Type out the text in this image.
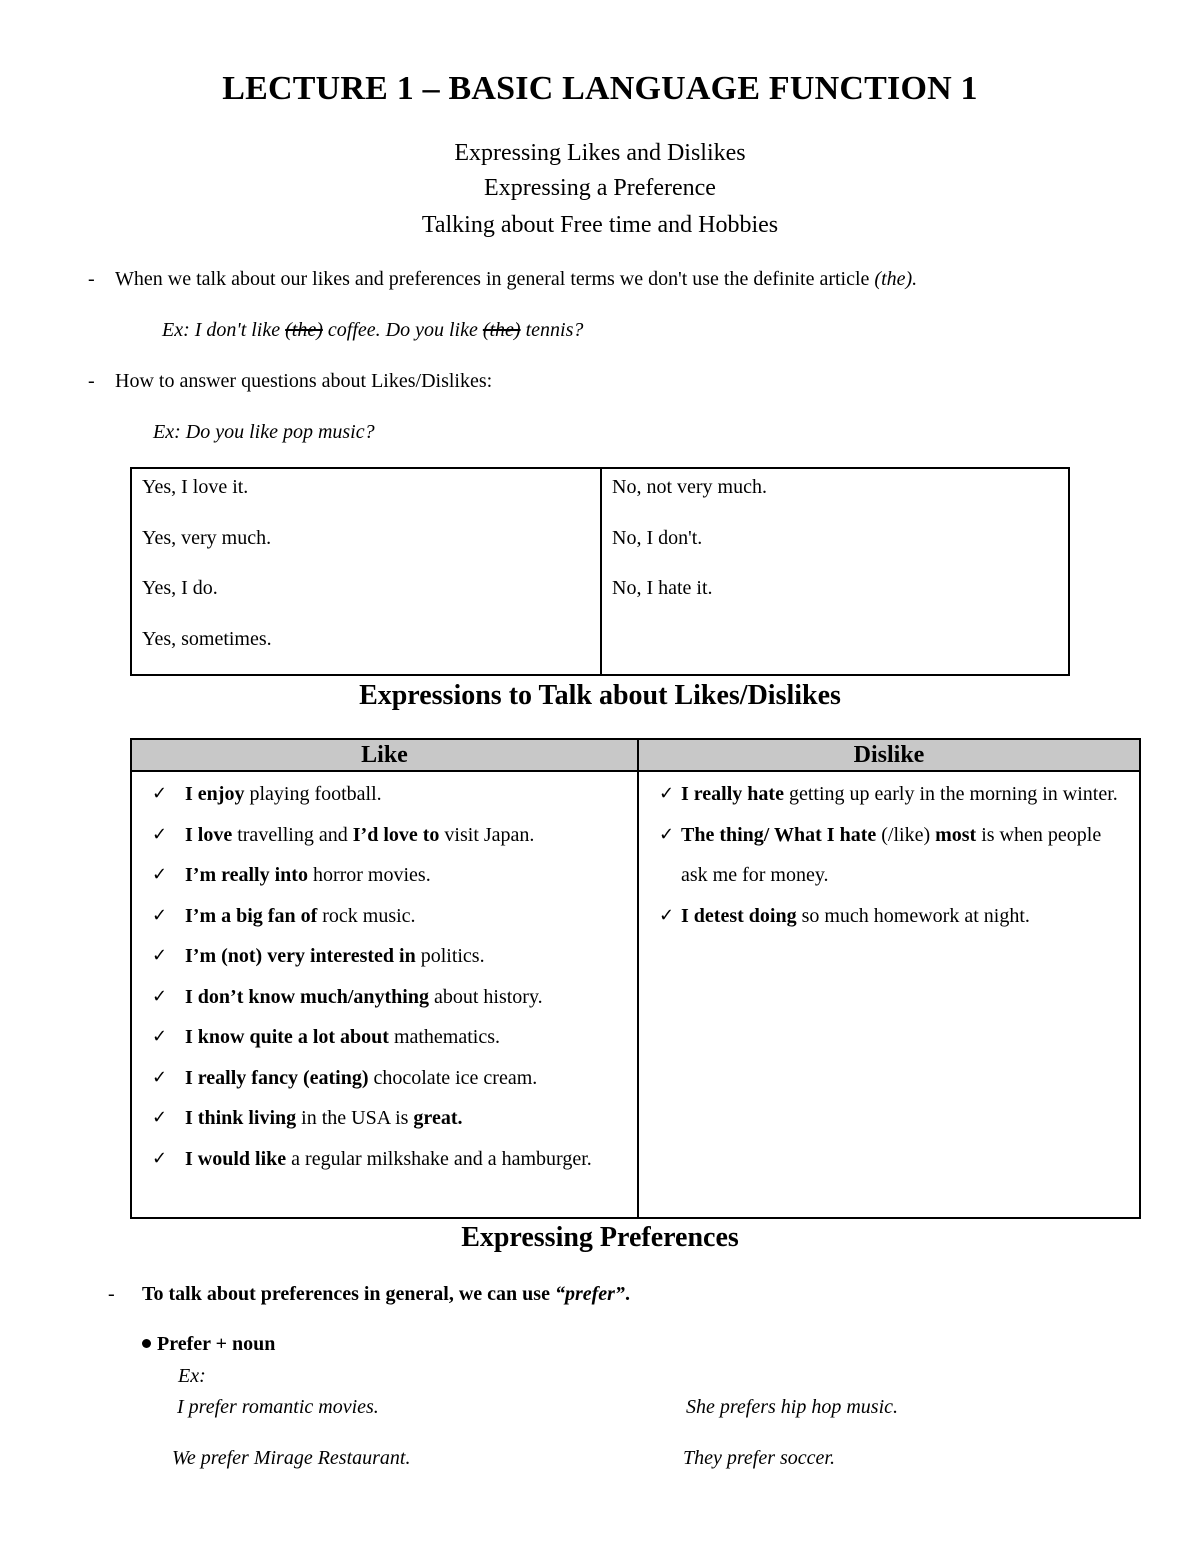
LECTURE 1 – BASIC LANGUAGE FUNCTION 1
Expressing Likes and Dislikes
Expressing a Preference
Talking about Free time and Hobbies
- When we talk about our likes and preferences in general terms we don't use the definite article (the).
Ex: I don't like (the) coffee. Do you like (the) tennis?
- How to answer questions about Likes/Dislikes:
Ex: Do you like pop music?
Yes, I love it.
Yes, very much.
Yes, I do.
Yes, sometimes.
No, not very much.
No, I don't.
No, I hate it.
Expressions to Talk about Likes/Dislikes
Like	Dislike
✓ I enjoy playing football.
✓ I love travelling and I’d love to visit Japan.
✓ I’m really into horror movies.
✓ I’m a big fan of rock music.
✓ I’m (not) very interested in politics.
✓ I don’t know much/anything about history.
✓ I know quite a lot about mathematics.
✓ I really fancy (eating) chocolate ice cream.
✓ I think living in the USA is great.
✓ I would like a regular milkshake and a hamburger.
✓ I really hate getting up early in the morning in winter.
✓ The thing/ What I hate (/like) most is when people ask me for money.
✓ I detest doing so much homework at night.
Expressing Preferences
- To talk about preferences in general, we can use “prefer”.
Prefer + noun
Ex:
I prefer romantic movies.	She prefers hip hop music.
We prefer Mirage Restaurant.	They prefer soccer.
